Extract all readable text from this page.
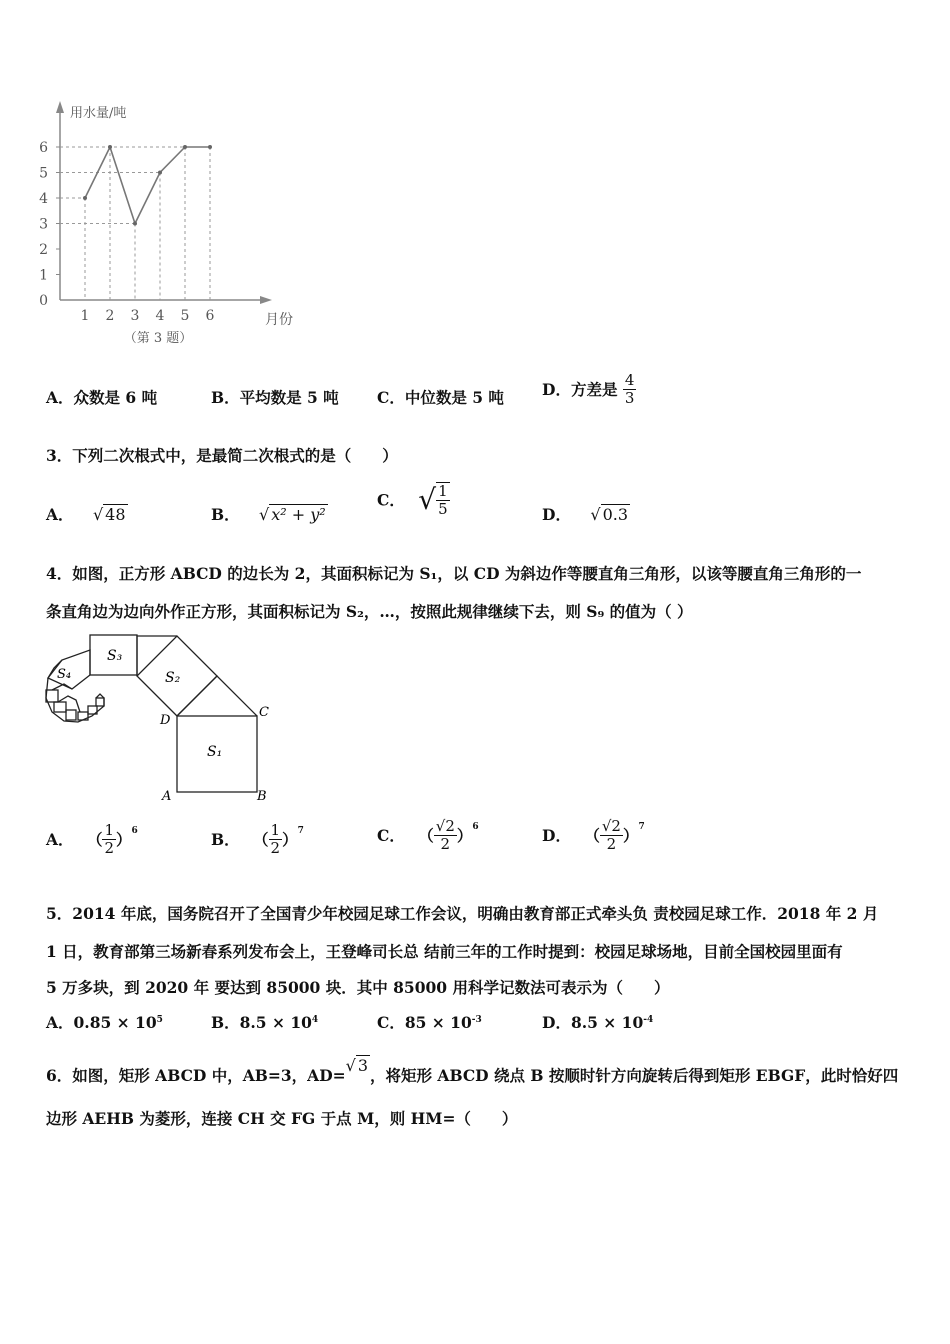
0
1
2
3
4
5
6
1 2 3 4 5 6
用水量/吨
月份
（第 3 题）
A．众数是 6 吨	B．平均数是 5 吨 C．中位数是 5 吨 D．方差是 $\frac{4}{3}$
3．下列二次根式中，是最简二次根式的是（　　）
A． √ 48	B． √ x² + y²
C． √ $\frac{1}{5}$	D． √ 0.3
4．如图，正方形 ABCD 的边长为 2，其面积标记为 S₁，以 CD 为斜边作等腰直角三角形，以该等腰直角三角形的一
条直角边为边向外作正方形，其面积标记为 S₂，…，按照此规律继续下去，则 S₉ 的值为（ ）
S₁
S₂
S₃
S₄
A	B
C
D
A． （ $\frac{1}{2} )^6$	B． （ $\frac{1}{2} )^7$	C． （ $\frac{√2}{2} )^6$	D． （ $\frac{√2}{2} )^7$
5．2014 年底，国务院召开了全国青少年校园足球工作会议，明确由教育部正式牵头负 责校园足球工作．2018 年 2 月
1 日，教育部第三场新春系列发布会上，王登峰司长总 结前三年的工作时提到：校园足球场地，目前全国校园里面有
5 万多块，到 2020 年 要达到 85000 块．其中 85000 用科学记数法可表示为（　　）
A．$0.85 \times 10^5$	B．$8.5 \times 10^4$	C．$85 \times 10^{-3}$	D．$8.5 \times 10^{-4}$
6．如图，矩形 ABCD 中，AB=3，AD=√ 3，将矩形 ABCD 绕点 B 按顺时针方向旋转后得到矩形 EBGF，此时恰好四
边形 AEHB 为菱形，连接 CH 交 FG 于点 M，则 HM=（　　）
